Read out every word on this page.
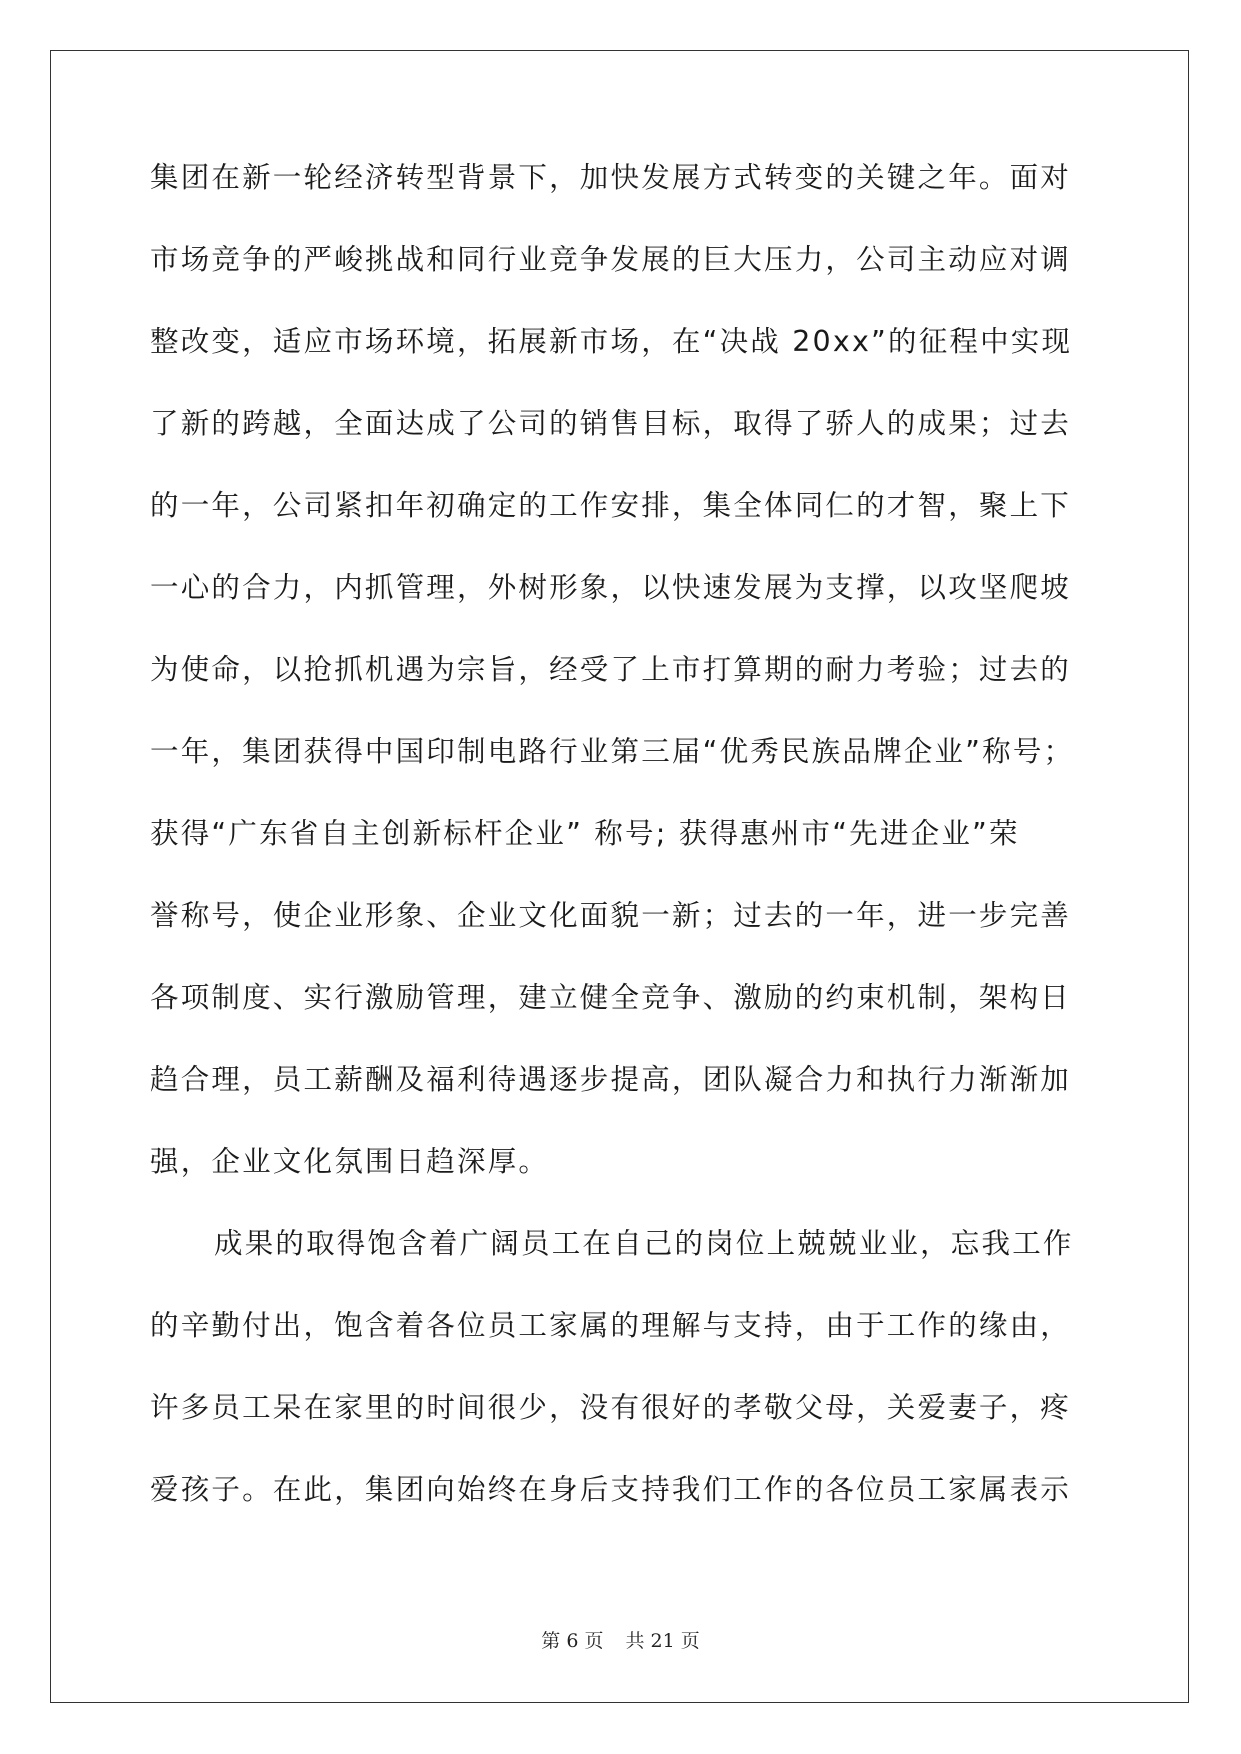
集团在新一轮经济转型背景下，加快发展方式转变的关键之年。面对
市场竞争的严峻挑战和同行业竞争发展的巨大压力，公司主动应对调
整改变，适应市场环境，拓展新市场，在“决战 20xx”的征程中实现
了新的跨越，全面达成了公司的销售目标，取得了骄人的成果；过去
的一年，公司紧扣年初确定的工作安排，集全体同仁的才智，聚上下
一心的合力，内抓管理，外树形象，以快速发展为支撑，以攻坚爬坡
为使命，以抢抓机遇为宗旨，经受了上市打算期的耐力考验；过去的
一年，集团获得中国印制电路行业第三届“优秀民族品牌企业”称号；
获得“广东省自主创新标杆企业” 称号; 获得惠州市“先进企业”荣
誉称号，使企业形象、企业文化面貌一新；过去的一年，进一步完善
各项制度、实行激励管理，建立健全竞争、激励的约束机制，架构日
趋合理，员工薪酬及福利待遇逐步提高，团队凝合力和执行力渐渐加
强，企业文化氛围日趋深厚。
成果的取得饱含着广阔员工在自己的岗位上兢兢业业，忘我工作
的辛勤付出，饱含着各位员工家属的理解与支持，由于工作的缘由，
许多员工呆在家里的时间很少，没有很好的孝敬父母，关爱妻子，疼
爱孩子。在此，集团向始终在身后支持我们工作的各位员工家属表示
第 6 页 共 21 页
